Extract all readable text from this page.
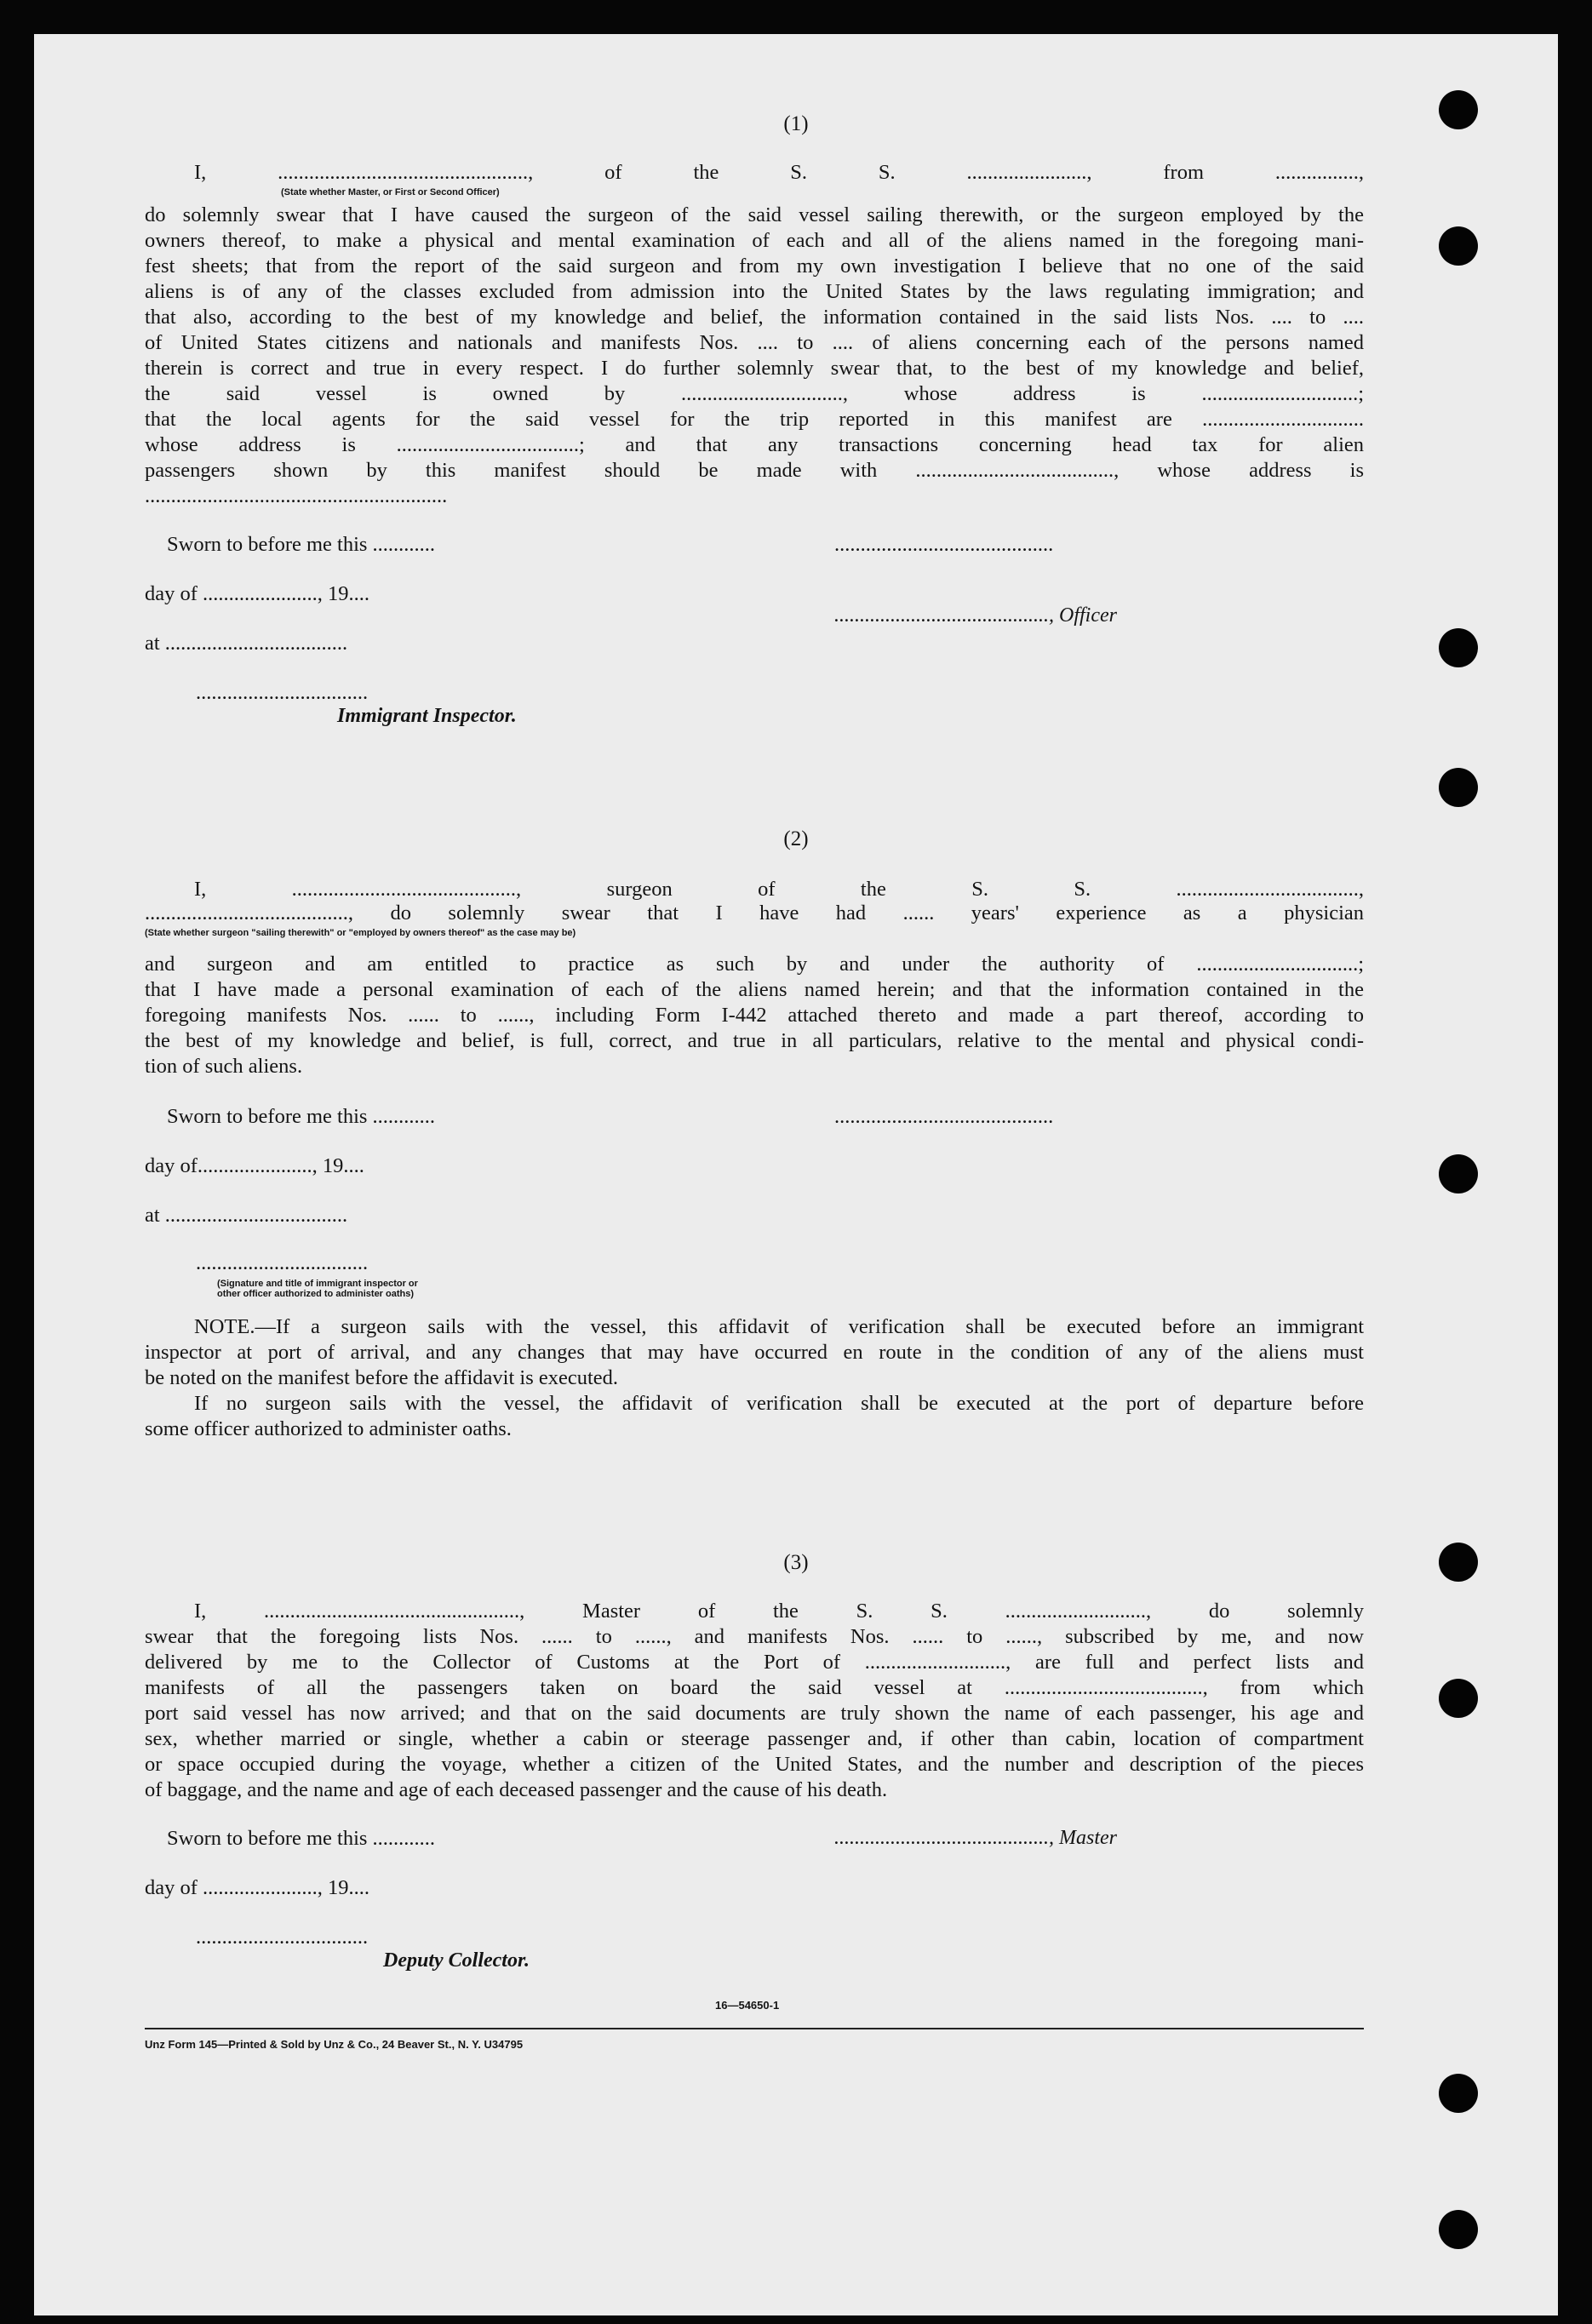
(1)
I, ................................................, of the S. S. ......................., from ................,
(State whether Master, or First or Second Officer)
do solemnly swear that I have caused the surgeon of the said vessel sailing therewith, or the surgeon employed by the
owners thereof, to make a physical and mental examination of each and all of the aliens named in the foregoing mani-
fest sheets; that from the report of the said surgeon and from my own investigation I believe that no one of the said
aliens is of any of the classes excluded from admission into the United States by the laws regulating immigration; and
that also, according to the best of my knowledge and belief, the information contained in the said lists Nos. .... to ....
of United States citizens and nationals and manifests Nos. .... to .... of aliens concerning each of the persons named
therein is correct and true in every respect. I do further solemnly swear that, to the best of my knowledge and belief,
the said vessel is owned by ..............................., whose address is ..............................;
that the local agents for the said vessel for the trip reported in this manifest are ...............................
whose address is ...................................; and that any transactions concerning head tax for alien
passengers shown by this manifest should be made with ......................................, whose address is
..........................................................
Sworn to before me this ............	..........................................
day of ......................, 19....
.........................................., Officer
at ...................................
.................................
Immigrant Inspector.
(2)
I, ..........................................., surgeon of the S. S. ...................................,
......................................., do solemnly swear that I have had ...... years' experience as a physician
(State whether surgeon "sailing therewith" or "employed by owners thereof" as the case may be)
and surgeon and am entitled to practice as such by and under the authority of ...............................;
that I have made a personal examination of each of the aliens named herein; and that the information contained in the
foregoing manifests Nos. ...... to ......, including Form I-442 attached thereto and made a part thereof, according to
the best of my knowledge and belief, is full, correct, and true in all particulars, relative to the mental and physical condi-
tion of such aliens.
Sworn to before me this ............	..........................................
day of......................, 19....
at ...................................
.................................
(Signature and title of immigrant inspector or
other officer authorized to administer oaths)
NOTE.—If a surgeon sails with the vessel, this affidavit of verification shall be executed before an immigrant
inspector at port of arrival, and any changes that may have occurred en route in the condition of any of the aliens must
be noted on the manifest before the affidavit is executed.
If no surgeon sails with the vessel, the affidavit of verification shall be executed at the port of departure before
some officer authorized to administer oaths.
(3)
I, ................................................., Master of the S. S. ..........................., do solemnly
swear that the foregoing lists Nos. ...... to ......, and manifests Nos. ...... to ......, subscribed by me, and now
delivered by me to the Collector of Customs at the Port of ..........................., are full and perfect lists and
manifests of all the passengers taken on board the said vessel at ......................................, from which
port said vessel has now arrived; and that on the said documents are truly shown the name of each passenger, his age and
sex, whether married or single, whether a cabin or steerage passenger and, if other than cabin, location of compartment
or space occupied during the voyage, whether a citizen of the United States, and the number and description of the pieces
of baggage, and the name and age of each deceased passenger and the cause of his death.
Sworn to before me this ............	.........................................., Master
day of ......................, 19....
.................................
Deputy Collector.
16—54650-1
Unz Form 145—Printed & Sold by Unz & Co., 24 Beaver St., N. Y. U34795
